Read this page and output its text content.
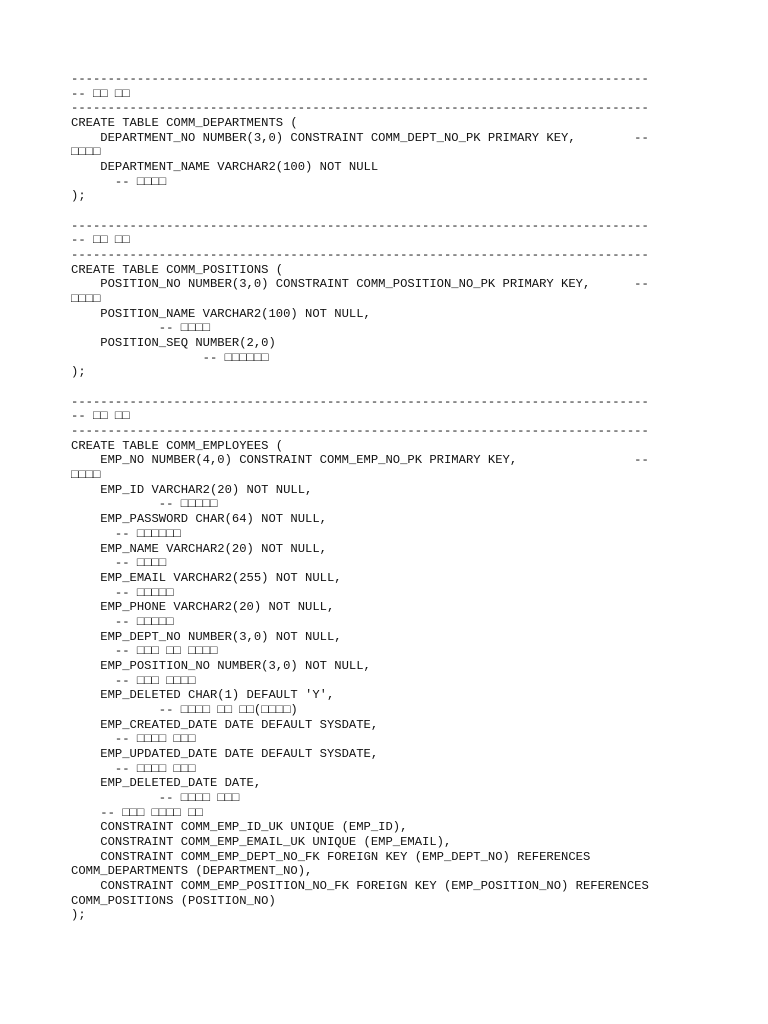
-------------------------------------------------------------------------------
-- □□ □□
-------------------------------------------------------------------------------
CREATE TABLE COMM_DEPARTMENTS (
DEPARTMENT_NO NUMBER(3,0) CONSTRAINT COMM_DEPT_NO_PK PRIMARY KEY,        --
□□□□
DEPARTMENT_NAME VARCHAR2(100) NOT NULL
-- □□□□
);
-------------------------------------------------------------------------------
-- □□ □□
-------------------------------------------------------------------------------
CREATE TABLE COMM_POSITIONS (
POSITION_NO NUMBER(3,0) CONSTRAINT COMM_POSITION_NO_PK PRIMARY KEY,      --
□□□□
POSITION_NAME VARCHAR2(100) NOT NULL,
-- □□□□
POSITION_SEQ NUMBER(2,0)
-- □□□□□□
);
-------------------------------------------------------------------------------
-- □□ □□
-------------------------------------------------------------------------------
CREATE TABLE COMM_EMPLOYEES (
EMP_NO NUMBER(4,0) CONSTRAINT COMM_EMP_NO_PK PRIMARY KEY,                --
□□□□
EMP_ID VARCHAR2(20) NOT NULL,
-- □□□□□
EMP_PASSWORD CHAR(64) NOT NULL,
-- □□□□□□
EMP_NAME VARCHAR2(20) NOT NULL,
-- □□□□
EMP_EMAIL VARCHAR2(255) NOT NULL,
-- □□□□□
EMP_PHONE VARCHAR2(20) NOT NULL,
-- □□□□□
EMP_DEPT_NO NUMBER(3,0) NOT NULL,
-- □□□ □□ □□□□
EMP_POSITION_NO NUMBER(3,0) NOT NULL,
-- □□□ □□□□
EMP_DELETED CHAR(1) DEFAULT 'Y',
-- □□□□ □□ □□(□□□□)
EMP_CREATED_DATE DATE DEFAULT SYSDATE,
-- □□□□ □□□
EMP_UPDATED_DATE DATE DEFAULT SYSDATE,
-- □□□□ □□□
EMP_DELETED_DATE DATE,
-- □□□□ □□□
-- □□□ □□□□ □□
CONSTRAINT COMM_EMP_ID_UK UNIQUE (EMP_ID),
CONSTRAINT COMM_EMP_EMAIL_UK UNIQUE (EMP_EMAIL),
CONSTRAINT COMM_EMP_DEPT_NO_FK FOREIGN KEY (EMP_DEPT_NO) REFERENCES
COMM_DEPARTMENTS (DEPARTMENT_NO),
CONSTRAINT COMM_EMP_POSITION_NO_FK FOREIGN KEY (EMP_POSITION_NO) REFERENCES
COMM_POSITIONS (POSITION_NO)
);
